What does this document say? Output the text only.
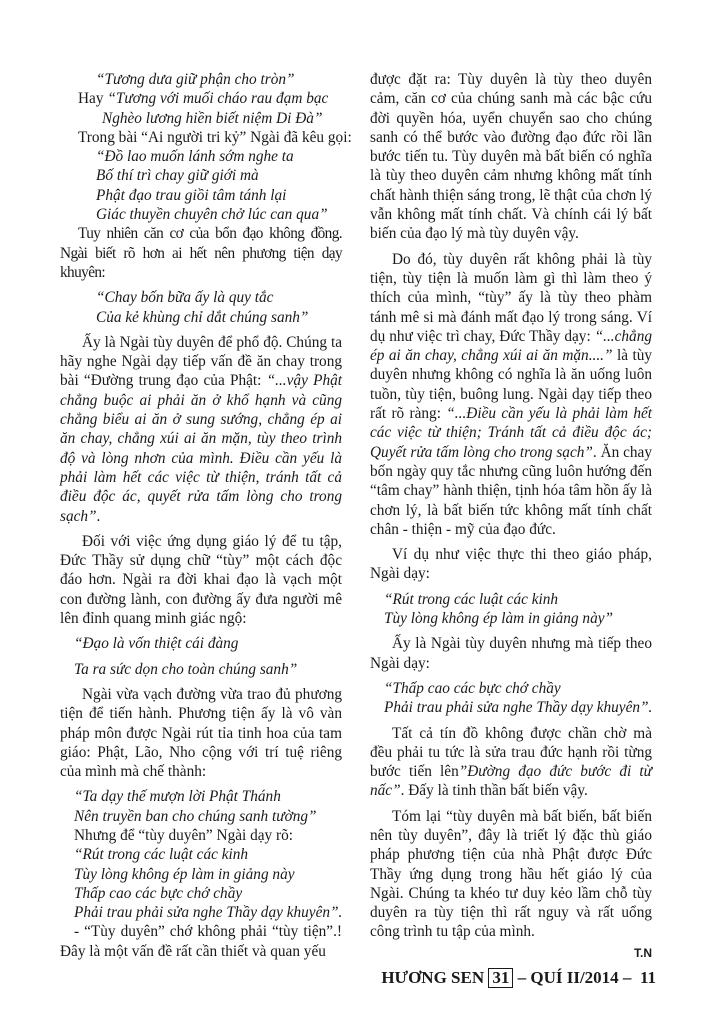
“Tương dưa giữ phận cho tròn”

Hay “Tương với muối cháo rau đạm bạc

Nghèo lương hiền biết niệm Di Đà”

Trong bài “Ai người tri kỷ” Ngài đã kêu gọi:

“Đồ lao muốn lánh sớm nghe ta

Bố thí trì chay giữ giới mà

Phật đạo trau giồi tâm tánh lại

Giác thuyền chuyên chở lúc can qua”

Tuy nhiên căn cơ của bổn đạo không đồng. Ngài biết rõ hơn ai hết nên phương tiện dạy khuyên:

“Chay bốn bữa ấy là quy tắc

Của kẻ khùng chỉ dắt chúng sanh”

Ấy là Ngài tùy duyên để phổ độ. Chúng ta hãy nghe Ngài dạy tiếp vấn đề ăn chay trong bài “Đường trung đạo của Phật: “...vậy Phật chẳng buộc ai phải ăn ở khổ hạnh và cũng chẳng biểu ai ăn ở sung sướng, chẳng ép ai ăn chay, chẳng xúi ai ăn mặn, tùy theo trình độ và lòng nhơn của mình. Điều cần yếu là phải làm hết các việc từ thiện, tránh tất cả điều độc ác, quyết rửa tấm lòng cho trong sạch”.

Đối với việc ứng dụng giáo lý để tu tập, Đức Thầy sử dụng chữ “tùy” một cách độc đáo hơn. Ngài ra đời khai đạo là vạch một con đường lành, con đường ấy đưa người mê lên đỉnh quang minh giác ngộ:

“Đạo là vốn thiệt cái đàng

Ta ra sức dọn cho toàn chúng sanh”

Ngài vừa vạch đường vừa trao đủ phương tiện để tiến hành. Phương tiện ấy là vô vàn pháp môn được Ngài rút tỉa tinh hoa của tam giáo: Phật, Lão, Nho cộng với trí tuệ riêng của mình mà chế thành:

“Ta dạy thế mượn lời Phật Thánh

Nên truyền ban cho chúng sanh tường”

Nhưng để “tùy duyên” Ngài dạy rõ:

“Rút trong các luật các kinh

Tùy lòng không ép làm in giảng này

Thấp cao các bực chớ chầy

Phải trau phải sửa nghe Thầy dạy khuyên”.

- “Tùy duyên” chớ không phải “tùy tiện”.! Đây là một vấn đề rất cần thiết và quan yếu

được đặt ra: Tùy duyên là tùy theo duyên cảm, căn cơ của chúng sanh mà các bậc cứu đời quyền hóa, uyển chuyển sao cho chúng sanh có thể bước vào đường đạo đức rồi lần bước tiến tu. Tùy duyên mà bất biến có nghĩa là tùy theo duyên cảm nhưng không mất tính chất hành thiện sáng trong, lẽ thật của chơn lý vẫn không mất tính chất. Và chính cái lý bất biến của đạo lý mà tùy duyên vậy.

Do đó, tùy duyên rất không phải là tùy tiện, tùy tiện là muốn làm gì thì làm theo ý thích của mình, “tùy” ấy là tùy theo phàm tánh mê si mà đánh mất đạo lý trong sáng. Ví dụ như việc trì chay, Đức Thầy dạy: “...chẳng ép ai ăn chay, chẳng xúi ai ăn mặn....” là tùy duyên nhưng không có nghĩa là ăn uống luôn tuồn, tùy tiện, buông lung. Ngài dạy tiếp theo rất rõ ràng: “...Điều cần yếu là phải làm hết các việc từ thiện; Tránh tất cả điều độc ác; Quyết rửa tấm lòng cho trong sạch”. Ăn chay bốn ngày quy tắc nhưng cũng luôn hướng đến “tâm chay” hành thiện, tịnh hóa tâm hồn ấy là chơn lý, là bất biến tức không mất tính chất chân - thiện - mỹ của đạo đức.

Ví dụ như việc thực thi theo giáo pháp, Ngài dạy:

“Rút trong các luật các kinh

Tùy lòng không ép làm in giảng này”

Ấy là Ngài tùy duyên nhưng mà tiếp theo Ngài dạy:

“Thấp cao các bực chớ chầy

Phải trau phải sửa nghe Thầy dạy khuyên”.

Tất cả tín đồ không được chần chờ mà đều phải tu tức là sửa trau đức hạnh rồi từng bước tiến lên”Đường đạo đức bước đi từ nấc”. Đấy là tinh thần bất biến vậy.

Tóm lại “tùy duyên mà bất biến, bất biến nên tùy duyên”, đây là triết lý đặc thù giáo pháp phương tiện của nhà Phật được Đức Thầy ứng dụng trong hầu hết giáo lý của Ngài. Chúng ta khéo tư duy kẻo lầm chỗ tùy duyên ra tùy tiện thì rất nguy và rất uổng công trình tu tập của mình.

T.N
HƯƠNG SEN 31 – QUÍ II/2014 – 11
